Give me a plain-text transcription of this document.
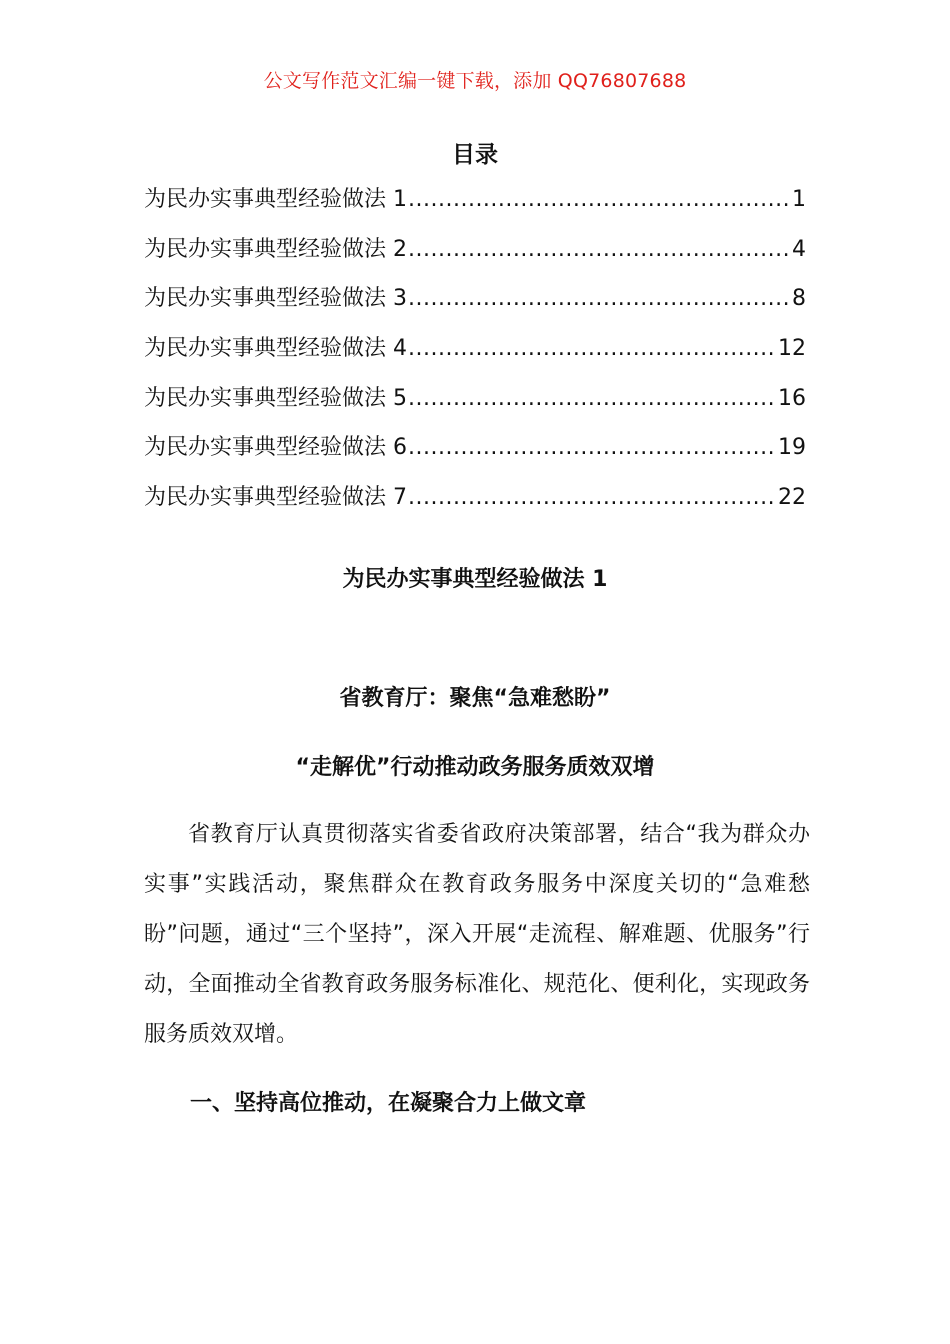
公文写作范文汇编一键下载，添加 QQ76807688
目录
为民办实事典型经验做法 1 .....	1
为民办实事典型经验做法 2 .....	4
为民办实事典型经验做法 3 .....	8
为民办实事典型经验做法 4 .....	12
为民办实事典型经验做法 5 .....	16
为民办实事典型经验做法 6 .....	19
为民办实事典型经验做法 7 .....	22
为民办实事典型经验做法 1
省教育厅：聚焦“急难愁盼”
“走解优”行动推动政务服务质效双增

省教育厅认真贯彻落实省委省政府决策部署，结合“我为群众办实事”实践活动，聚焦群众在教育政务服务中深度关切的“急难愁盼”问题，通过“三个坚持”，深入开展“走流程、解难题、优服务”行动，全面推动全省教育政务服务标准化、规范化、便利化，实现政务服务质效双增。

一、坚持高位推动，在凝聚合力上做文章
